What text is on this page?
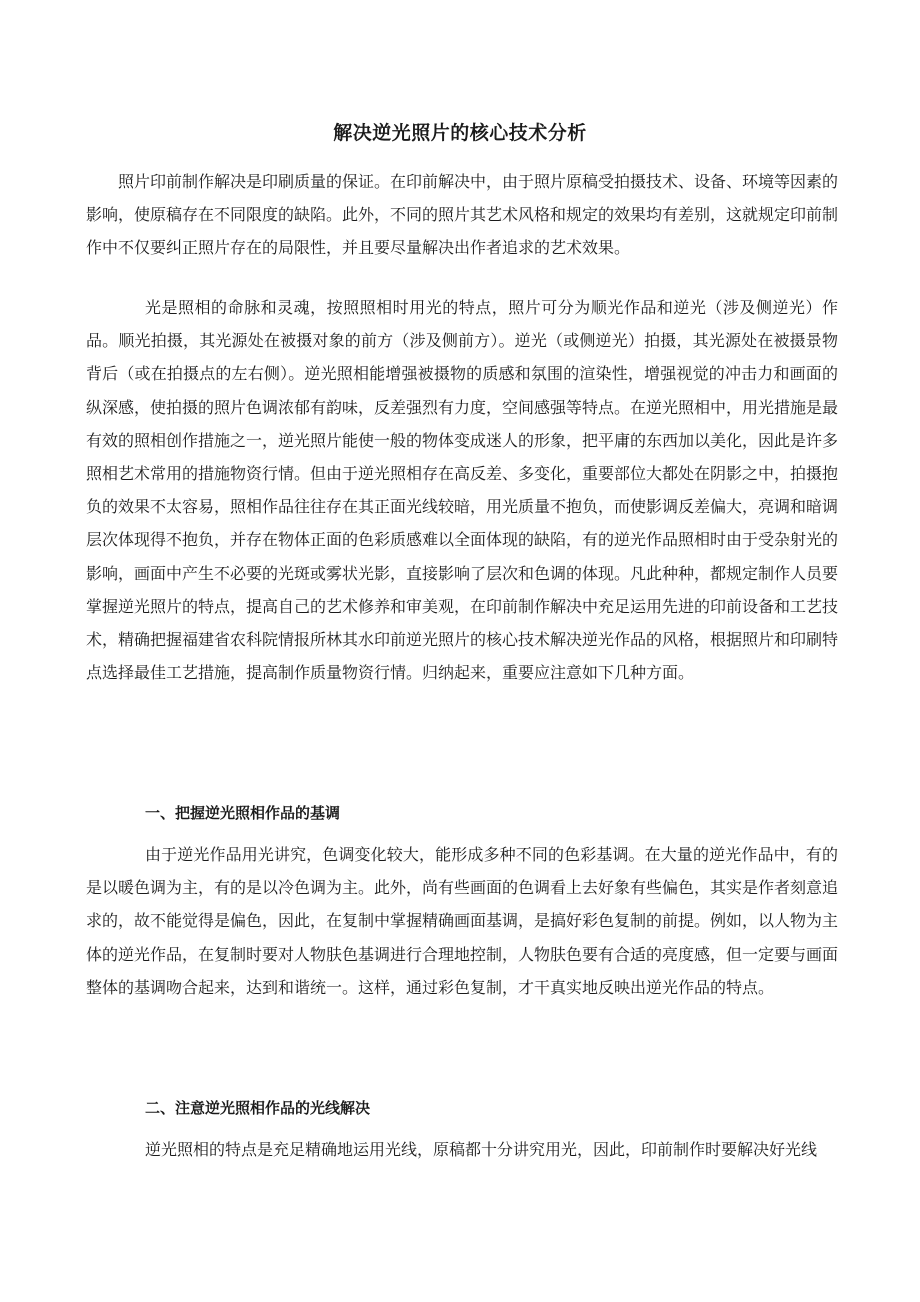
解决逆光照片的核心技术分析

照片印前制作解决是印刷质量的保证。在印前解决中，由于照片原稿受拍摄技术、设备、环境等因素的影响，使原稿存在不同限度的缺陷。此外，不同的照片其艺术风格和规定的效果均有差别，这就规定印前制作中不仅要纠正照片存在的局限性，并且要尽量解决出作者追求的艺术效果。

光是照相的命脉和灵魂，按照照相时用光的特点，照片可分为顺光作品和逆光（涉及侧逆光）作品。顺光拍摄，其光源处在被摄对象的前方（涉及侧前方）。逆光（或侧逆光）拍摄，其光源处在被摄景物背后（或在拍摄点的左右侧）。逆光照相能增强被摄物的质感和氛围的渲染性，增强视觉的冲击力和画面的纵深感，使拍摄的照片色调浓郁有韵味，反差强烈有力度，空间感强等特点。在逆光照相中，用光措施是最有效的照相创作措施之一，逆光照片能使一般的物体变成迷人的形象，把平庸的东西加以美化，因此是许多照相艺术常用的措施物资行情。但由于逆光照相存在高反差、多变化，重要部位大都处在阴影之中，拍摄抱负的效果不太容易，照相作品往往存在其正面光线较暗，用光质量不抱负，而使影调反差偏大，亮调和暗调层次体现得不抱负，并存在物体正面的色彩质感难以全面体现的缺陷，有的逆光作品照相时由于受杂射光的影响，画面中产生不必要的光斑或雾状光影，直接影响了层次和色调的体现。凡此种种，都规定制作人员要掌握逆光照片的特点，提高自己的艺术修养和审美观，在印前制作解决中充足运用先进的印前设备和工艺技术，精确把握福建省农科院情报所林其水印前逆光照片的核心技术解决逆光作品的风格，根据照片和印刷特点选择最佳工艺措施，提高制作质量物资行情。归纳起来，重要应注意如下几种方面。

一、把握逆光照相作品的基调

由于逆光作品用光讲究，色调变化较大，能形成多种不同的色彩基调。在大量的逆光作品中，有的是以暖色调为主，有的是以冷色调为主。此外，尚有些画面的色调看上去好象有些偏色，其实是作者刻意追求的，故不能觉得是偏色，因此，在复制中掌握精确画面基调，是搞好彩色复制的前提。例如，以人物为主体的逆光作品，在复制时要对人物肤色基调进行合理地控制，人物肤色要有合适的亮度感，但一定要与画面整体的基调吻合起来，达到和谐统一。这样，通过彩色复制，才干真实地反映出逆光作品的特点。

二、注意逆光照相作品的光线解决

逆光照相的特点是充足精确地运用光线，原稿都十分讲究用光，因此，印前制作时要解决好光线
